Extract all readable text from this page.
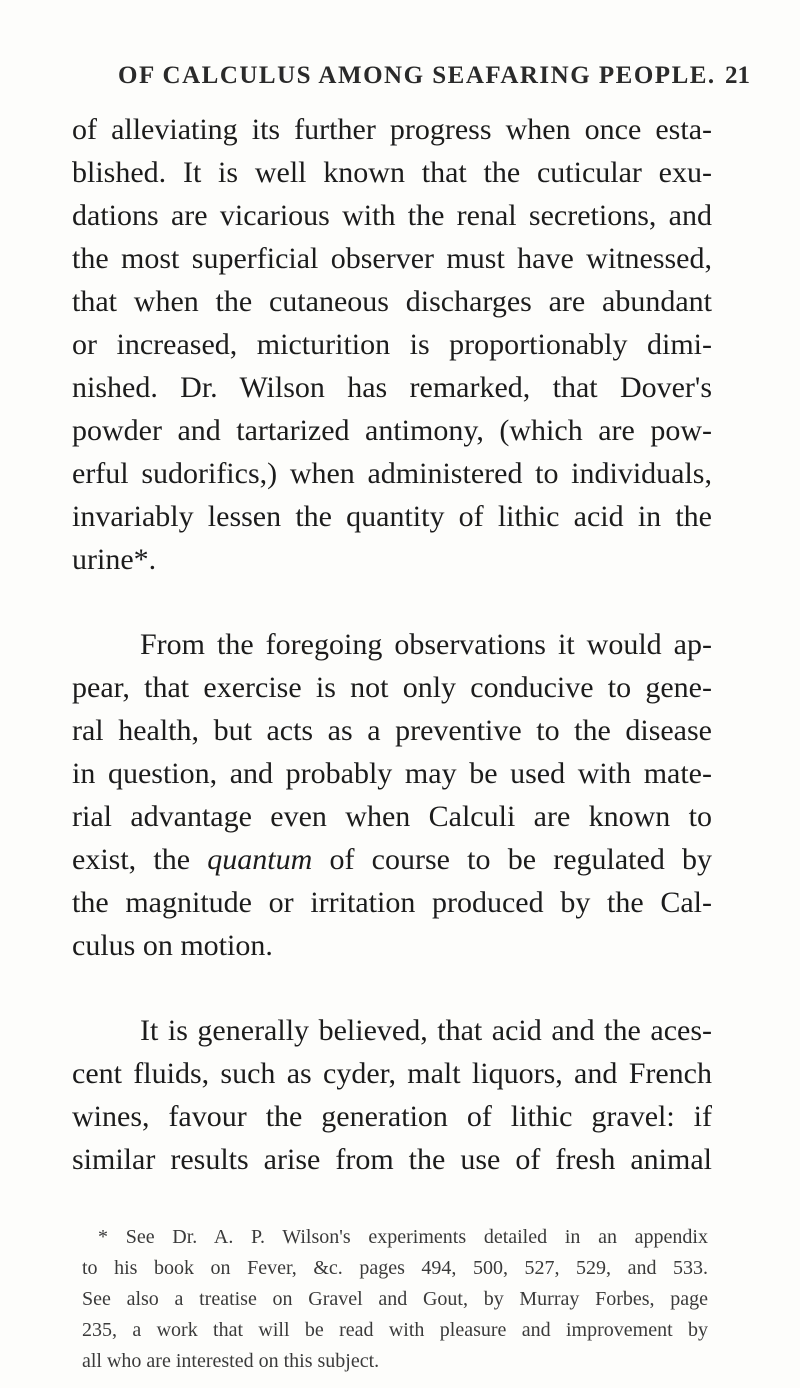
OF CALCULUS AMONG SEAFARING PEOPLE. 21
of alleviating its further progress when once esta-
blished. It is well known that the cuticular exu-
dations are vicarious with the renal secretions, and
the most superficial observer must have witnessed,
that when the cutaneous discharges are abundant
or increased, micturition is proportionably dimi-
nished. Dr. Wilson has remarked, that Dover's
powder and tartarized antimony, (which are pow-
erful sudorifics,) when administered to individuals,
invariably lessen the quantity of lithic acid in the
urine*.
From the foregoing observations it would ap-
pear, that exercise is not only conducive to gene-
ral health, but acts as a preventive to the disease
in question, and probably may be used with mate-
rial advantage even when Calculi are known to
exist, the quantum of course to be regulated by
the magnitude or irritation produced by the Cal-
culus on motion.
It is generally believed, that acid and the aces-
cent fluids, such as cyder, malt liquors, and French
wines, favour the generation of lithic gravel: if
similar results arise from the use of fresh animal
* See Dr. A. P. Wilson's experiments detailed in an appendix
to his book on Fever, &c. pages 494, 500, 527, 529, and 533.
See also a treatise on Gravel and Gout, by Murray Forbes, page
235, a work that will be read with pleasure and improvement by
all who are interested on this subject.
